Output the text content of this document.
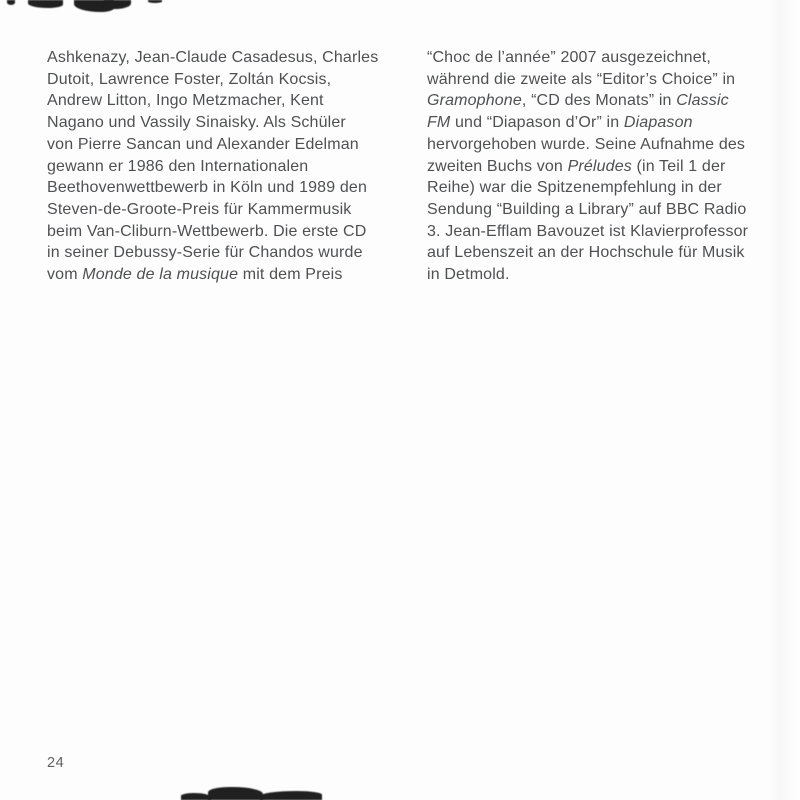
Ashkenazy, Jean-Claude Casadesus, Charles
Dutoit, Lawrence Foster, Zoltán Kocsis,
Andrew Litton, Ingo Metzmacher, Kent
Nagano und Vassily Sinaisky. Als Schüler
von Pierre Sancan und Alexander Edelman
gewann er 1986 den Internationalen
Beethovenwettbewerb in Köln und 1989 den
Steven-de-Groote-Preis für Kammermusik
beim Van-Cliburn-Wettbewerb. Die erste CD
in seiner Debussy-Serie für Chandos wurde
vom Monde de la musique mit dem Preis
“Choc de l’année” 2007 ausgezeichnet,
während die zweite als “Editor’s Choice” in
Gramophone, “CD des Monats” in Classic
FM und “Diapason d’Or” in Diapason
hervorgehoben wurde. Seine Aufnahme des
zweiten Buchs von Préludes (in Teil 1 der
Reihe) war die Spitzenempfehlung in der
Sendung “Building a Library” auf BBC Radio
3. Jean-Efflam Bavouzet ist Klavierprofessor
auf Lebenszeit an der Hochschule für Musik
in Detmold.
24
